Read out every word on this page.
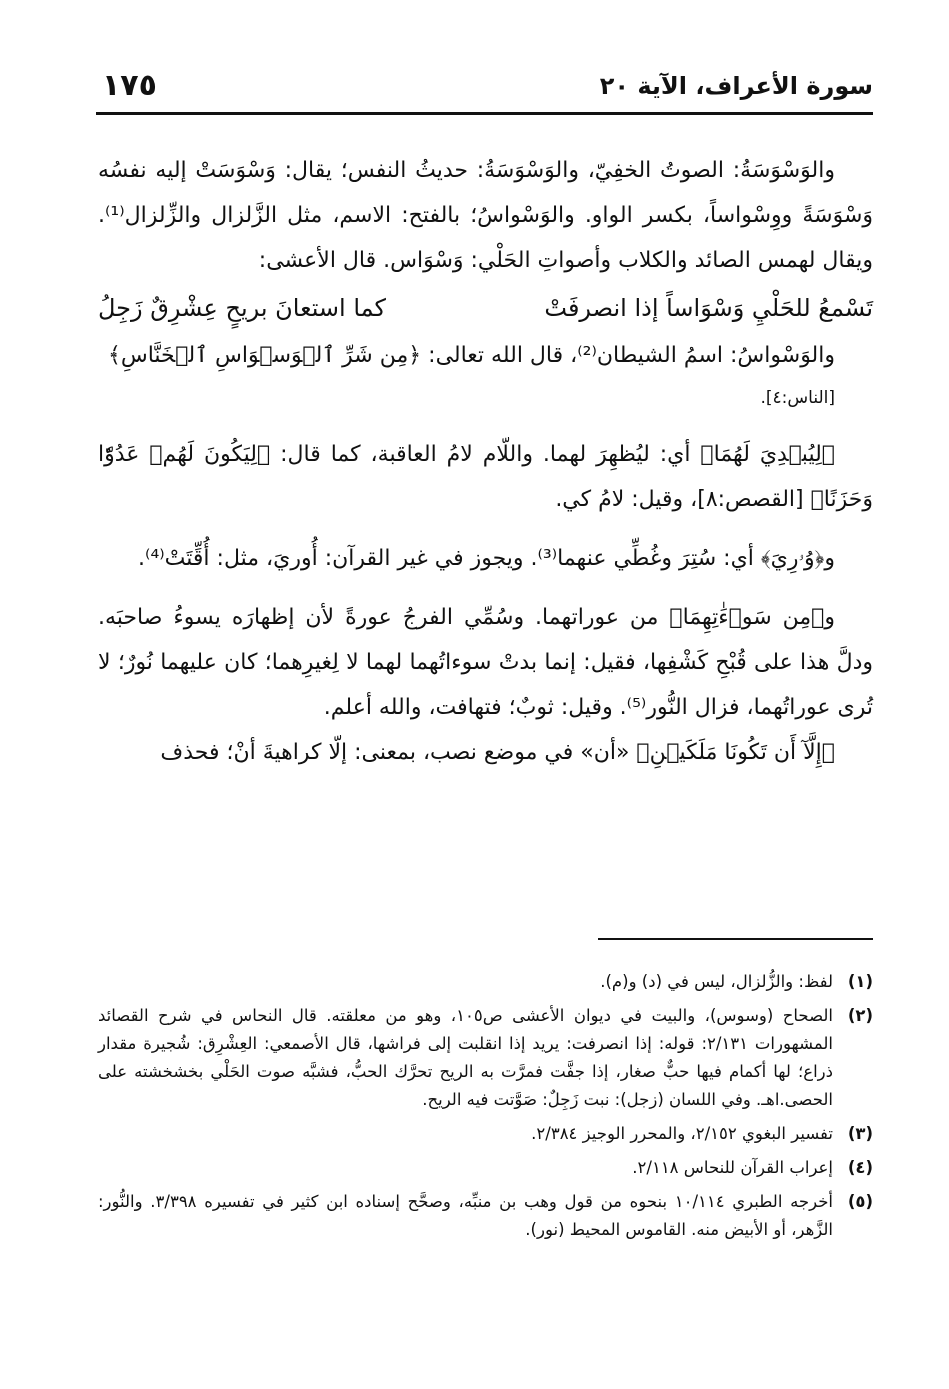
١٧٥	سورة الأعراف، الآية ٢٠

والوَسْوَسَةُ: الصوتُ الخفِيّ، والوَسْوَسَةُ: حديثُ النفس؛ يقال: وَسْوَسَتْ إليه نفسُه وَسْوَسَةً ووِسْواساً، بكسر الواو. والوَسْواسُ؛ بالفتح: الاسم، مثل الزَّلزال والزِّلزال⁽¹⁾. ويقال لهمس الصائد والكلاب وأصواتِ الحَلْي: وَسْوَاس. قال الأعشى:

تَسْمعُ للحَلْيِ وَسْوَاساً إذا انصرفَتْ
كما استعانَ بريحٍ عِشْرِقٌ زَجِلُ

والوَسْواسُ: اسمُ الشيطان⁽²⁾، قال الله تعالى: ﴿مِن شَرِّ ٱلۡوَسۡوَاسِ ٱلۡخَنَّاسِ﴾
[الناس:٤].

﴿لِيُبۡدِيَ لَهُمَا﴾ أي: ليُظهِرَ لهما. واللّام لامُ العاقبة، كما قال: ﴿لِيَكُونَ لَهُمۡ عَدُوّٗا وَحَزَنًا﴾ [القصص:٨]، وقيل: لامُ كي.

و﴿وُۥرِيَ﴾ أي: سُتِرَ وغُطِّي عنهما⁽³⁾. ويجوز في غير القرآن: أُوريَ، مثل: أُقِّتَتْ⁽⁴⁾.

و﴿مِن سَوۡءَٰتِهِمَا﴾ من عوراتهما. وسُمِّي الفرجُ عورةً لأن إظهارَه يسوءُ صاحبَه. ودلَّ هذا على قُبْحِ كَشْفِها، فقيل: إنما بدتْ سوءاتُهما لهما لا لِغيرِهما؛ كان عليهما نُورٌ؛ لا تُرى عوراتُهما، فزال النُّور⁽⁵⁾. وقيل: ثوبٌ؛ فتهافت، والله أعلم.

﴿إِلَّآ أَن تَكُونَا مَلَكَيۡنِ﴾ «أن» في موضع نصب، بمعنى: إلّا كراهيةَ أنْ؛ فحذف

(١)
لفظ: والزُّلزال، ليس في (د) و(م).

(٢)
الصحاح (وسوس)، والبيت في ديوان الأعشى ص١٠٥، وهو من معلقته. قال النحاس في شرح القصائد المشهورات ٢/١٣١: قوله: إذا انصرفت: يريد إذا انقلبت إلى فراشها، قال الأصمعي: العِشْرِق: شُجيرة مقدار ذراع؛ لها أكمام فيها حبٌّ صغار، إذا جفَّت فمرَّت به الريح تحرَّك الحبُّ، فشبَّه صوت الحَلْي بخشخشته على الحصى.اهـ. وفي اللسان (زجل): نبت زَجِلٌ: صَوَّتت فيه الريح.

(٣)
تفسير البغوي ٢/١٥٢، والمحرر الوجيز ٢/٣٨٤.

(٤)
إعراب القرآن للنحاس ٢/١١٨.

(٥)
أخرجه الطبري ١٠/١١٤ بنحوه من قول وهب بن منبِّه، وصحَّح إسناده ابن كثير في تفسيره ٣/٣٩٨. والنُّور: الزَّهر، أو الأبيض منه. القاموس المحيط (نور).
